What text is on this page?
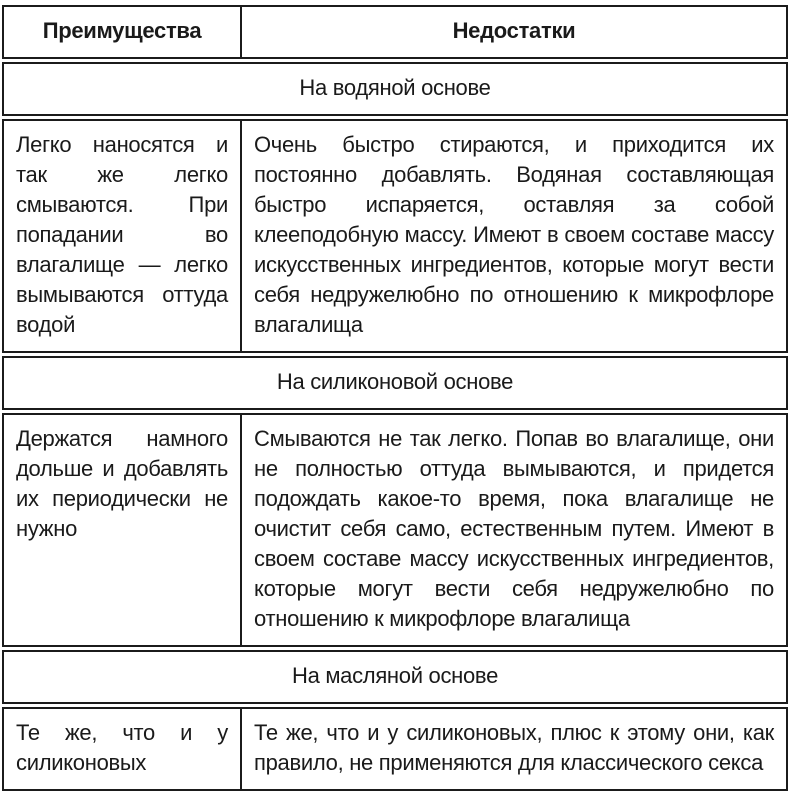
Преимущества	Недостатки
На водяной основе	
Легко наносятся и так же легко смываются. При попадании во влагалище — легко вымываются оттуда водой	Очень быстро стираются, и приходится их постоянно добавлять. Водяная составляющая быстро испаряется, оставляя за собой клееподобную массу. Имеют в своем составе массу искусственных ингредиентов, которые могут вести себя недружелюбно по отношению к микрофлоре влагалища
На силиконовой основе	
Держатся намного дольше и добавлять их периодически не нужно	Смываются не так легко. Попав во влагалище, они не полностью оттуда вымываются, и придется подождать какое-то время, пока влагалище не очистит себя само, естественным путем. Имеют в своем составе массу искусственных ингредиентов, которые могут вести себя недружелюбно по отношению к микрофлоре влагалища
На масляной основе	
Те же, что и у силиконовых	Те же, что и у силиконовых, плюс к этому они, как правило, не применяются для классического секса
